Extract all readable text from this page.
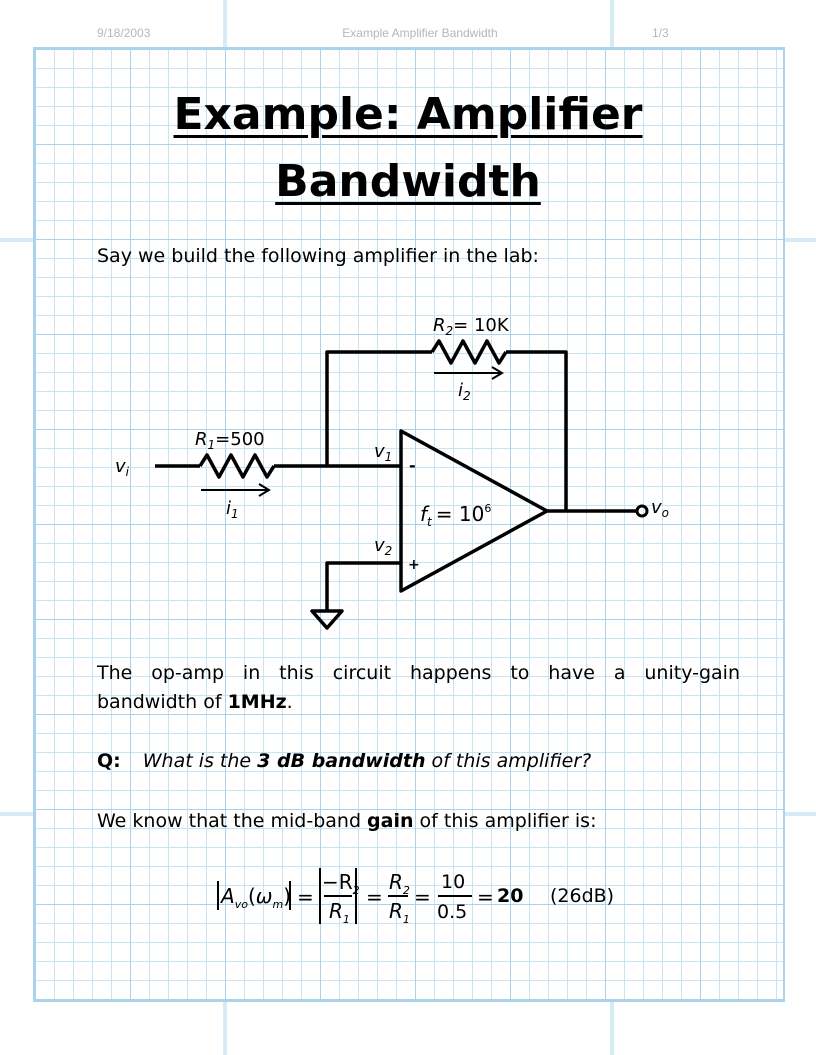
9/18/2003	Example Amplifier Bandwidth	1/3
Example: Amplifier
Bandwidth
Say we build the following amplifier in the lab:
$R_2= 10K$
$i_2$
$R_1=500$
$v_i$
$i_1$
$v_1$
$v_2$
-
+
$f_t = 10^6$	$v_o$
The op-amp in this circuit happens to have a unity-gain
bandwidth of 1MHz.
Q: What is the 3 dB bandwidth of this amplifier?
We know that the mid-band gain of this amplifier is:
$A_{vo}(\omega_m)$ =
$-R_2$
$R_1$
=
$R_2$
$R_1$
=
10
0.5
= 20 (26dB)
